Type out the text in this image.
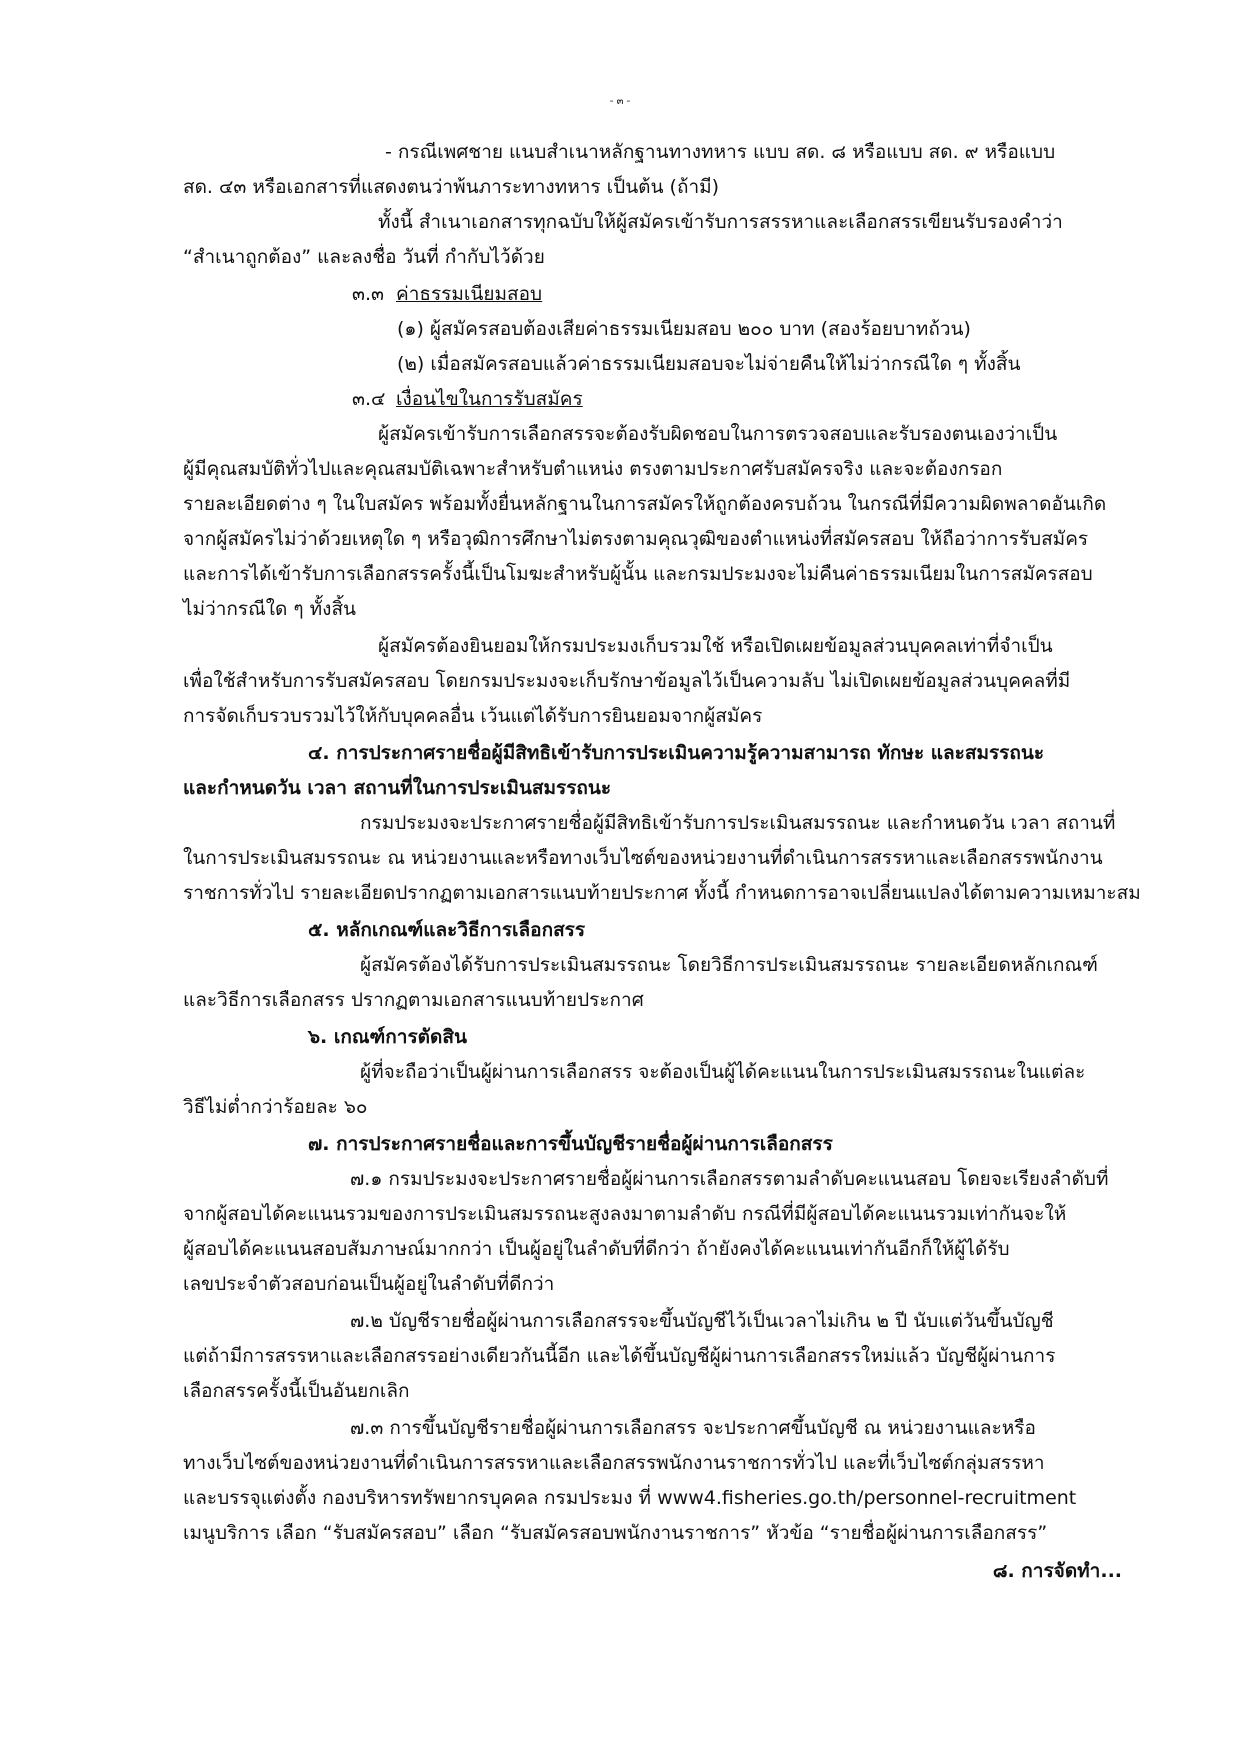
- ๓ -
- กรณีเพศชาย แนบสำเนาหลักฐานทางทหาร แบบ สด. ๘ หรือแบบ สด. ๙ หรือแบบ
สด. ๔๓ หรือเอกสารที่แสดงตนว่าพ้นภาระทางทหาร เป็นต้น (ถ้ามี)
ทั้งนี้ สำเนาเอกสารทุกฉบับให้ผู้สมัครเข้ารับการสรรหาและเลือกสรรเขียนรับรองคำว่า
“สำเนาถูกต้อง” และลงชื่อ วันที่ กำกับไว้ด้วย
๓.๓ ค่าธรรมเนียมสอบ
(๑) ผู้สมัครสอบต้องเสียค่าธรรมเนียมสอบ ๒๐๐ บาท (สองร้อยบาทถ้วน)
(๒) เมื่อสมัครสอบแล้วค่าธรรมเนียมสอบจะไม่จ่ายคืนให้ไม่ว่ากรณีใด ๆ ทั้งสิ้น
๓.๔ เงื่อนไขในการรับสมัคร
ผู้สมัครเข้ารับการเลือกสรรจะต้องรับผิดชอบในการตรวจสอบและรับรองตนเองว่าเป็น
ผู้มีคุณสมบัติทั่วไปและคุณสมบัติเฉพาะสำหรับตำแหน่ง ตรงตามประกาศรับสมัครจริง และจะต้องกรอก
รายละเอียดต่าง ๆ ในใบสมัคร พร้อมทั้งยื่นหลักฐานในการสมัครให้ถูกต้องครบถ้วน ในกรณีที่มีความผิดพลาดอันเกิด
จากผู้สมัครไม่ว่าด้วยเหตุใด ๆ หรือวุฒิการศึกษาไม่ตรงตามคุณวุฒิของตำแหน่งที่สมัครสอบ ให้ถือว่าการรับสมัคร
และการได้เข้ารับการเลือกสรรครั้งนี้เป็นโมฆะสำหรับผู้นั้น และกรมประมงจะไม่คืนค่าธรรมเนียมในการสมัครสอบ
ไม่ว่ากรณีใด ๆ ทั้งสิ้น
ผู้สมัครต้องยินยอมให้กรมประมงเก็บรวมใช้ หรือเปิดเผยข้อมูลส่วนบุคคลเท่าที่จำเป็น
เพื่อใช้สำหรับการรับสมัครสอบ โดยกรมประมงจะเก็บรักษาข้อมูลไว้เป็นความลับ ไม่เปิดเผยข้อมูลส่วนบุคคลที่มี
การจัดเก็บรวบรวมไว้ให้กับบุคคลอื่น เว้นแต่ได้รับการยินยอมจากผู้สมัคร
๔. การประกาศรายชื่อผู้มีสิทธิเข้ารับการประเมินความรู้ความสามารถ ทักษะ และสมรรถนะ
และกำหนดวัน เวลา สถานที่ในการประเมินสมรรถนะ
กรมประมงจะประกาศรายชื่อผู้มีสิทธิเข้ารับการประเมินสมรรถนะ และกำหนดวัน เวลา สถานที่
ในการประเมินสมรรถนะ ณ หน่วยงานและหรือทางเว็บไซต์ของหน่วยงานที่ดำเนินการสรรหาและเลือกสรรพนักงาน
ราชการทั่วไป รายละเอียดปรากฏตามเอกสารแนบท้ายประกาศ ทั้งนี้ กำหนดการอาจเปลี่ยนแปลงได้ตามความเหมาะสม
๕. หลักเกณฑ์และวิธีการเลือกสรร
ผู้สมัครต้องได้รับการประเมินสมรรถนะ โดยวิธีการประเมินสมรรถนะ รายละเอียดหลักเกณฑ์
และวิธีการเลือกสรร ปรากฏตามเอกสารแนบท้ายประกาศ
๖. เกณฑ์การตัดสิน
ผู้ที่จะถือว่าเป็นผู้ผ่านการเลือกสรร จะต้องเป็นผู้ได้คะแนนในการประเมินสมรรถนะในแต่ละ
วิธีไม่ต่ำกว่าร้อยละ ๖๐
๗. การประกาศรายชื่อและการขึ้นบัญชีรายชื่อผู้ผ่านการเลือกสรร
๗.๑ กรมประมงจะประกาศรายชื่อผู้ผ่านการเลือกสรรตามลำดับคะแนนสอบ โดยจะเรียงลำดับที่
จากผู้สอบได้คะแนนรวมของการประเมินสมรรถนะสูงลงมาตามลำดับ กรณีที่มีผู้สอบได้คะแนนรวมเท่ากันจะให้
ผู้สอบได้คะแนนสอบสัมภาษณ์มากกว่า เป็นผู้อยู่ในลำดับที่ดีกว่า ถ้ายังคงได้คะแนนเท่ากันอีกก็ให้ผู้ได้รับ
เลขประจำตัวสอบก่อนเป็นผู้อยู่ในลำดับที่ดีกว่า
๗.๒ บัญชีรายชื่อผู้ผ่านการเลือกสรรจะขึ้นบัญชีไว้เป็นเวลาไม่เกิน ๒ ปี นับแต่วันขึ้นบัญชี
แต่ถ้ามีการสรรหาและเลือกสรรอย่างเดียวกันนี้อีก และได้ขึ้นบัญชีผู้ผ่านการเลือกสรรใหม่แล้ว บัญชีผู้ผ่านการ
เลือกสรรครั้งนี้เป็นอันยกเลิก
๗.๓ การขึ้นบัญชีรายชื่อผู้ผ่านการเลือกสรร จะประกาศขึ้นบัญชี ณ หน่วยงานและหรือ
ทางเว็บไซต์ของหน่วยงานที่ดำเนินการสรรหาและเลือกสรรพนักงานราชการทั่วไป และที่เว็บไซต์กลุ่มสรรหา
และบรรจุแต่งตั้ง กองบริหารทรัพยากรบุคคล กรมประมง ที่ www4.fisheries.go.th/personnel-recruitment
เมนูบริการ เลือก “รับสมัครสอบ” เลือก “รับสมัครสอบพนักงานราชการ” หัวข้อ “รายชื่อผู้ผ่านการเลือกสรร”
๘. การจัดทำ...
